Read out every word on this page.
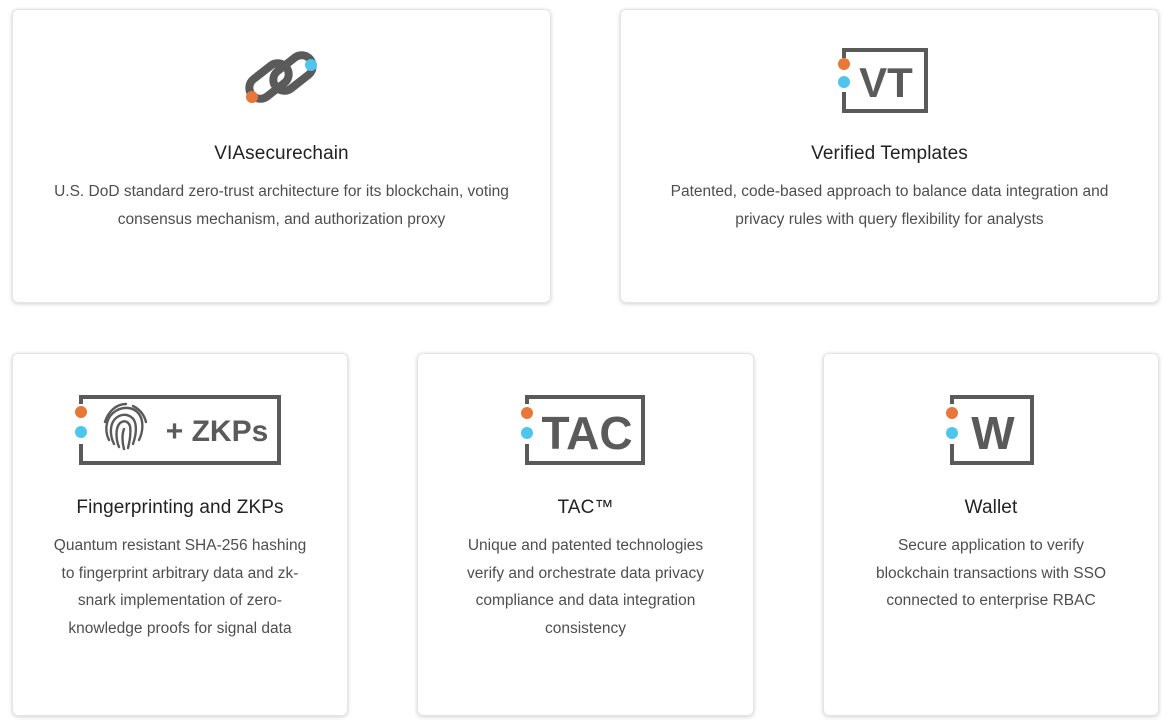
VIAsecurechain
U.S. DoD standard zero-trust architecture for its blockchain, voting consensus mechanism, and authorization proxy
VT
Verified Templates
Patented, code-based approach to balance data integration and privacy rules with query flexibility for analysts
+ ZKPs
Fingerprinting and ZKPs
Quantum resistant SHA-256 hashing to fingerprint arbitrary data and zk-snark implementation of zero-knowledge proofs for signal data
TAC
TAC™
Unique and patented technologies verify and orchestrate data privacy compliance and data integration consistency
W
Wallet
Secure application to verify blockchain transactions with SSO connected to enterprise RBAC
